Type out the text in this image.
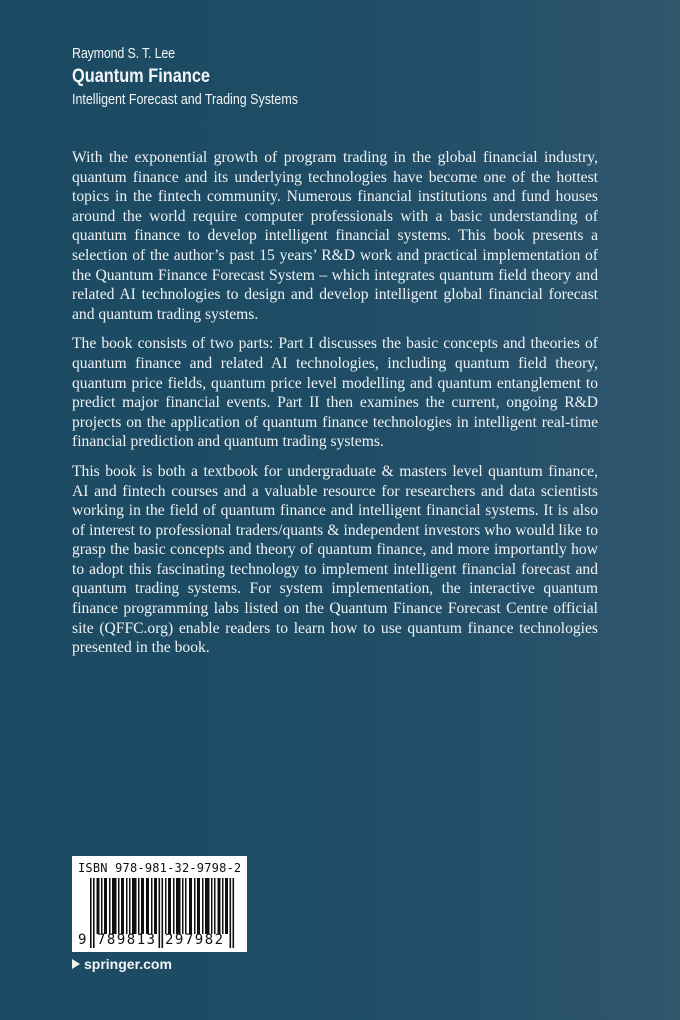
Raymond S. T. Lee
Quantum Finance
Intelligent Forecast and Trading Systems

With the exponential growth of program trading in the global financial industry, quantum finance and its underlying technologies have become one of the hottest topics in the fintech community. Numerous financial institutions and fund houses around the world require computer professionals with a basic understanding of quantum finance to develop intelligent financial systems. This book presents a selection of the author’s past 15 years’ R&D work and practical implementation of the Quantum Finance Forecast System – which integrates quantum field theory and related AI technologies to design and develop intelligent global financial forecast and quantum trading systems.

The book consists of two parts: Part I discusses the basic concepts and theories of quantum finance and related AI technologies, including quantum field theory, quantum price fields, quantum price level modelling and quantum entanglement to predict major financial events. Part II then examines the current, ongoing R&D projects on the application of quantum finance technologies in intelligent real-time financial prediction and quantum trading systems.

This book is both a textbook for undergraduate & masters level quantum finance, AI and fintech courses and a valuable resource for researchers and data scientists working in the field of quantum finance and intelligent financial systems. It is also of interest to professional traders/quants & independent investors who would like to grasp the basic concepts and theory of quantum finance, and more importantly how to adopt this fascinating technology to implement intelligent financial forecast and quantum trading systems. For system implementation, the interactive quantum finance programming labs listed on the Quantum Finance Forecast Centre official site (QFFC.org) enable readers to learn how to use quantum finance technologies presented in the book.

ISBN 978-981-32-9798-2
9 789813 297982
springer.com
